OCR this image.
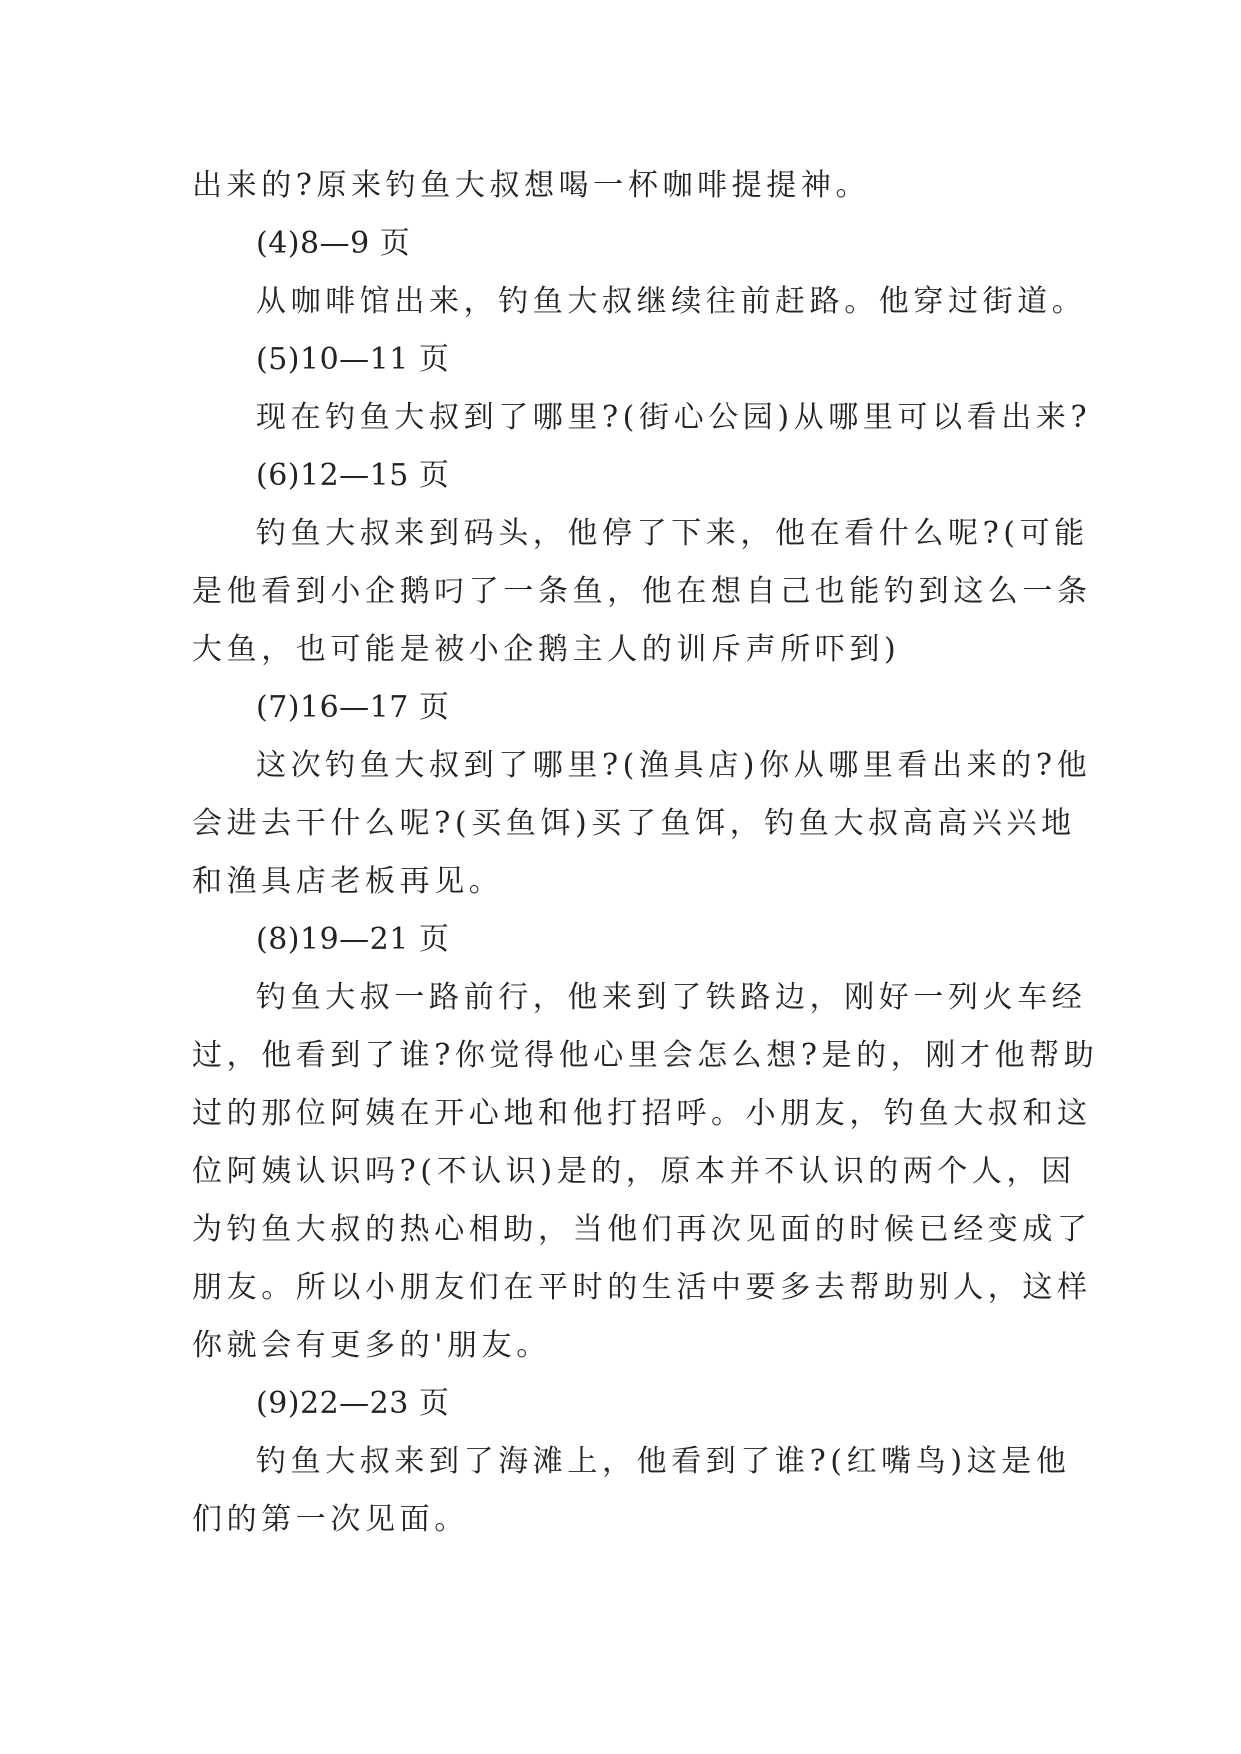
出来的?原来钓鱼大叔想喝一杯咖啡提提神。

(4)8—9 页

从咖啡馆出来，钓鱼大叔继续往前赶路。他穿过街道。

(5)10—11 页

现在钓鱼大叔到了哪里?(街心公园)从哪里可以看出来?

(6)12—15 页

钓鱼大叔来到码头，他停了下来，他在看什么呢?(可能

是他看到小企鹅叼了一条鱼，他在想自己也能钓到这么一条

大鱼，也可能是被小企鹅主人的训斥声所吓到)

(7)16—17 页

这次钓鱼大叔到了哪里?(渔具店)你从哪里看出来的?他

会进去干什么呢?(买鱼饵)买了鱼饵，钓鱼大叔高高兴兴地

和渔具店老板再见。

(8)19—21 页

钓鱼大叔一路前行，他来到了铁路边，刚好一列火车经

过，他看到了谁?你觉得他心里会怎么想?是的，刚才他帮助

过的那位阿姨在开心地和他打招呼。小朋友，钓鱼大叔和这

位阿姨认识吗?(不认识)是的，原本并不认识的两个人，因

为钓鱼大叔的热心相助，当他们再次见面的时候已经变成了

朋友。所以小朋友们在平时的生活中要多去帮助别人，这样

你就会有更多的'朋友。

(9)22—23 页

钓鱼大叔来到了海滩上，他看到了谁?(红嘴鸟)这是他

们的第一次见面。
